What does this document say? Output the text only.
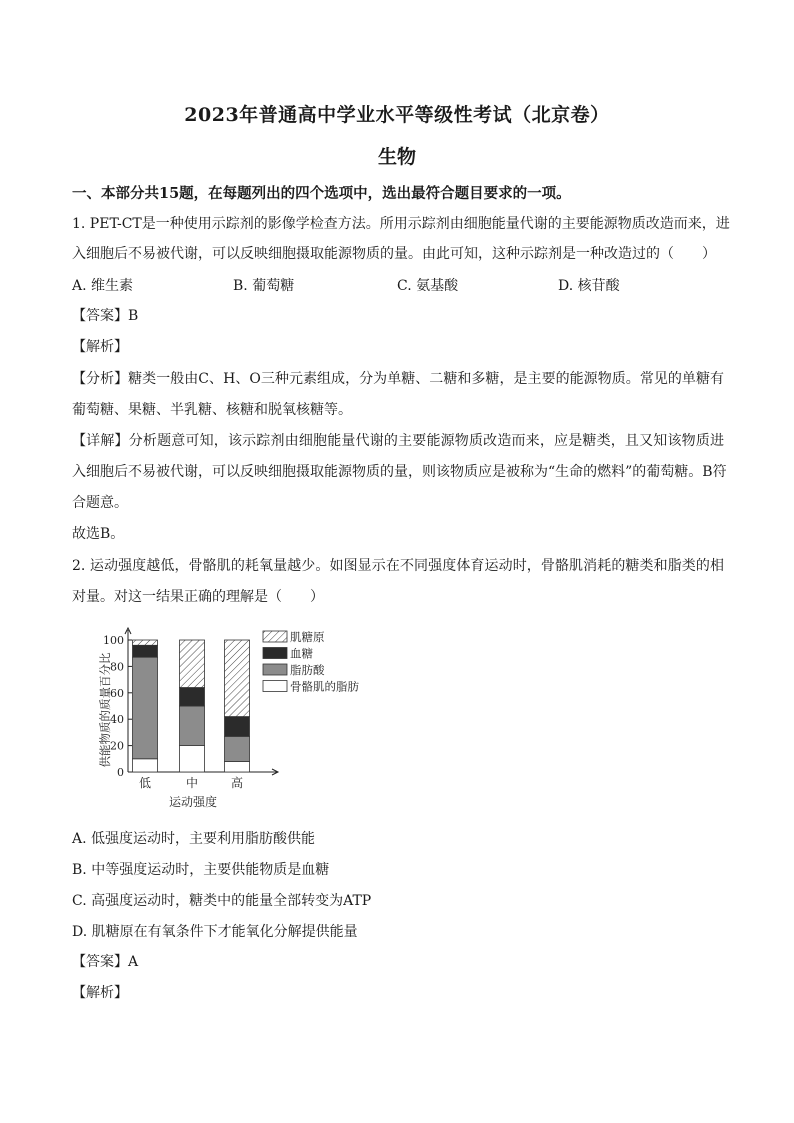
2023年普通高中学业水平等级性考试（北京卷）
生物
一、本部分共15题，在每题列出的四个选项中，选出最符合题目要求的一项。
1. PET-CT是一种使用示踪剂的影像学检查方法。所用示踪剂由细胞能量代谢的主要能源物质改造而来，进
入细胞后不易被代谢，可以反映细胞摄取能源物质的量。由此可知，这种示踪剂是一种改造过的（　　）
A. 维生素	B. 葡萄糖	C. 氨基酸	D. 核苷酸
【答案】B
【解析】
【分析】糖类一般由C、H、O三种元素组成，分为单糖、二糖和多糖，是主要的能源物质。常见的单糖有
葡萄糖、果糖、半乳糖、核糖和脱氧核糖等。
【详解】分析题意可知，该示踪剂由细胞能量代谢的主要能源物质改造而来，应是糖类，且又知该物质进
入细胞后不易被代谢，可以反映细胞摄取能源物质的量，则该物质应是被称为“生命的燃料”的葡萄糖。B符
合题意。
故选B。
2. 运动强度越低，骨骼肌的耗氧量越少。如图显示在不同强度体育运动时，骨骼肌消耗的糖类和脂类的相
对量。对这一结果正确的理解是（　　）
0
20
40
60
80
100
低	中	高
肌糖原
血糖
脂肪酸
骨骼肌的脂肪
供能物质的质量百分比
运动强度
A. 低强度运动时，主要利用脂肪酸供能
B. 中等强度运动时，主要供能物质是血糖
C. 高强度运动时，糖类中的能量全部转变为ATP
D. 肌糖原在有氧条件下才能氧化分解提供能量
【答案】A
【解析】
